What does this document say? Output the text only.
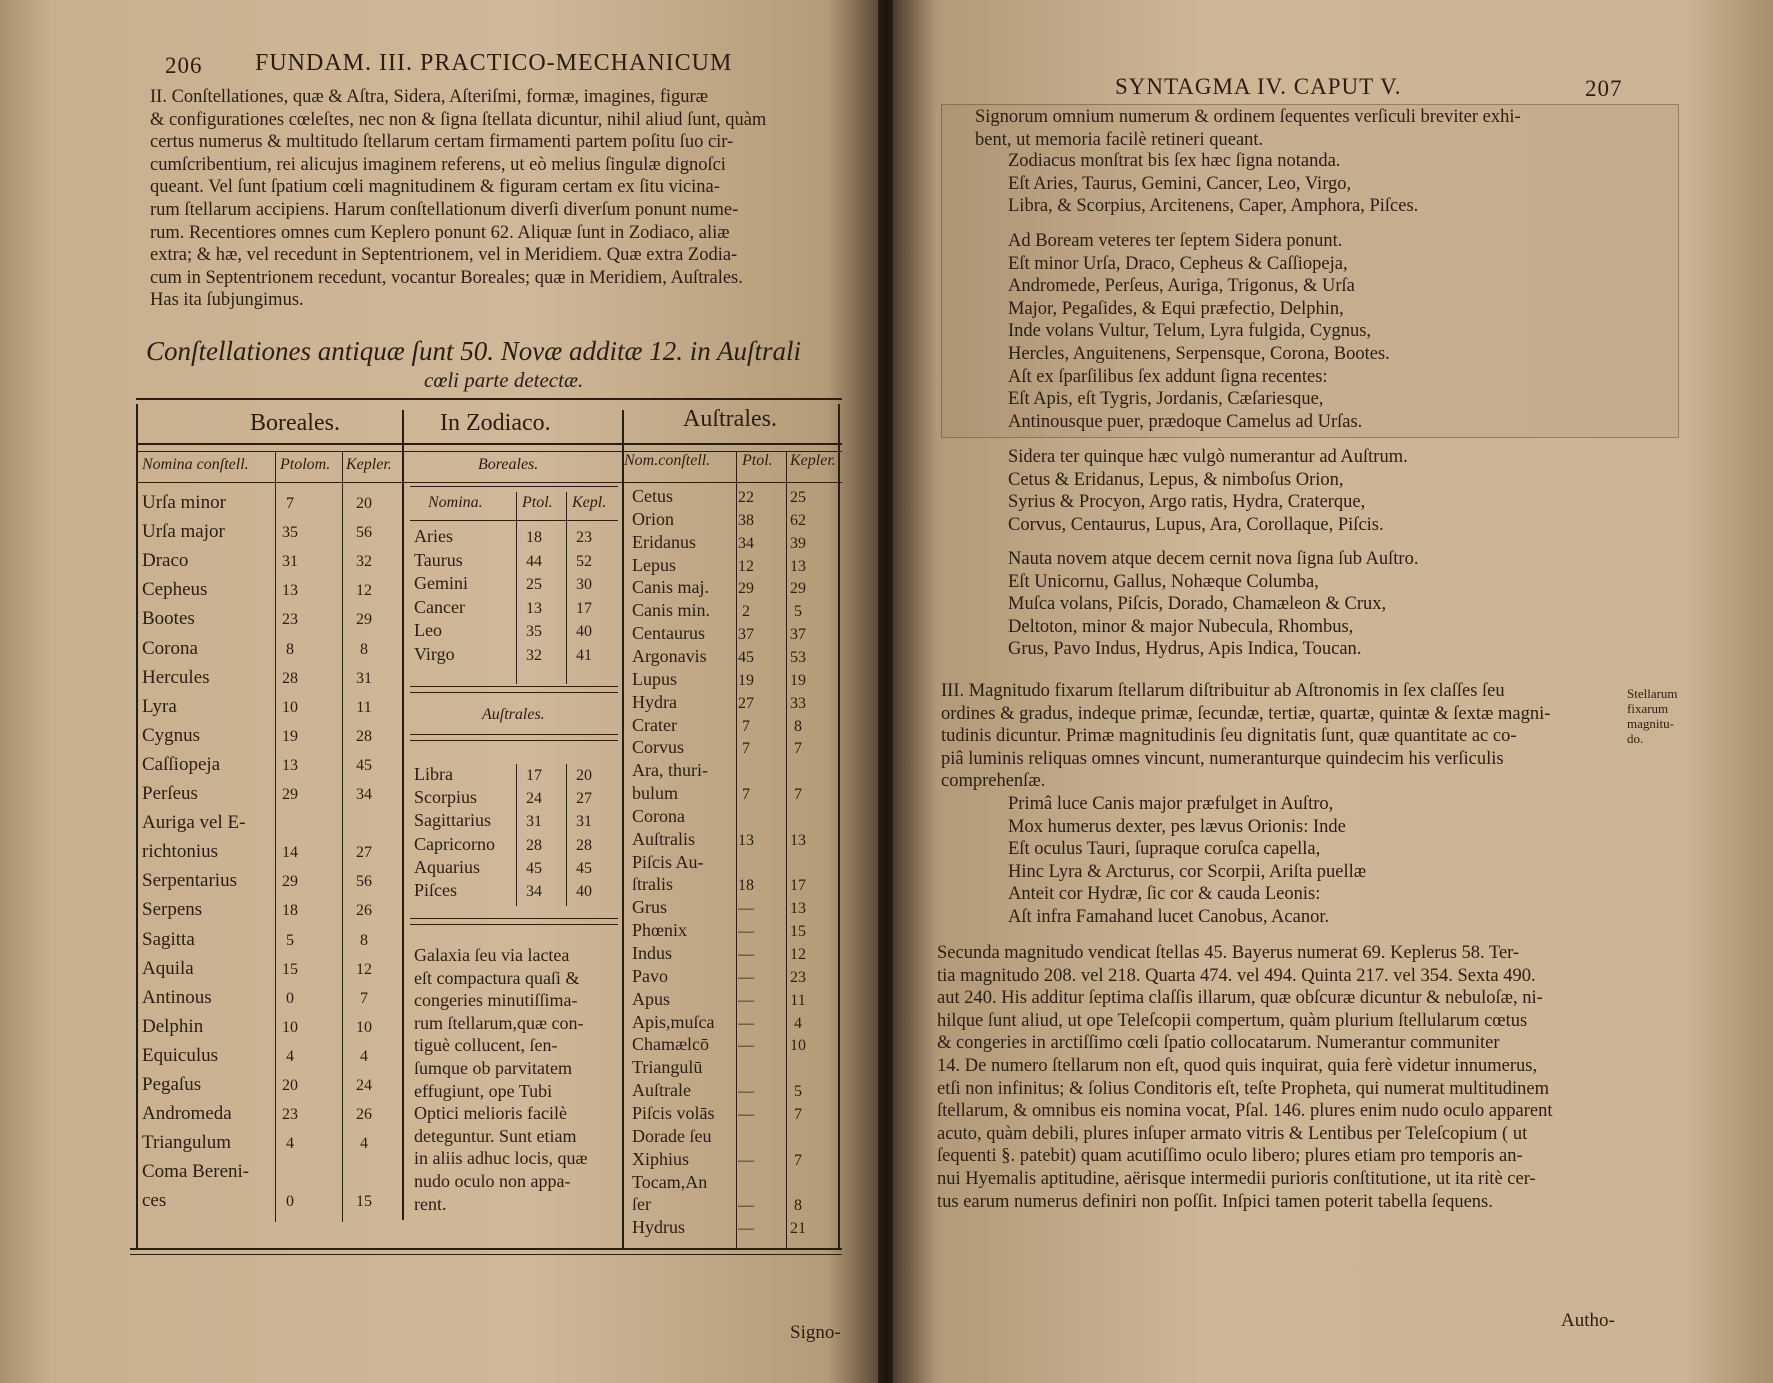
206 FUNDAM. III. PRACTICO-MECHANICUM
II. Conſtellationes, quæ & Aſtra, Sidera, Aſteriſmi, formæ, imagines, figuræ
& configurationes cœleſtes, nec non & ſigna ſtellata dicuntur, nihil aliud ſunt, quàm
certus numerus & multitudo ſtellarum certam firmamenti partem poſitu ſuo cir-
cumſcribentium, rei alicujus imaginem referens, ut eò melius ſingulæ dignoſci
queant. Vel ſunt ſpatium cœli magnitudinem & figuram certam ex ſitu vicina-
rum ſtellarum accipiens. Harum conſtellationum diverſi diverſum ponunt nume-
rum. Recentiores omnes cum Keplero ponunt 62. Aliquæ ſunt in Zodiaco, aliæ
extra; & hæ, vel recedunt in Septentrionem, vel in Meridiem. Quæ extra Zodia-
cum in Septentrionem recedunt, vocantur Boreales; quæ in Meridiem, Auſtrales.
Has ita ſubjungimus.
Conſtellationes antiquæ ſunt 50. Novæ additæ 12. in Auſtrali
cœli parte detectæ.
Boreales.	In Zodiaco.	Auſtrales.
Nomina conſtell. Ptolom. Kepler.
Urſa minor	7	20
Urſa major	35	56
Draco	31	32
Cepheus	13	12
Bootes	23	29
Corona	8	8
Hercules	28	31
Lyra	10	11
Cygnus	19	28
Caſſiopeja	13	45
Perſeus	29	34
Auriga vel E-
richtonius	14	27
Serpentarius	29	56
Serpens	18	26
Sagitta	5	8
Aquila	15	12
Antinous	0	7
Delphin	10	10
Equiculus	4	4
Pegaſus	20	24
Andromeda	23	26
Triangulum	4	4
Coma Bereni-
ces	0	15
Boreales.
Nomina. Ptol. Kepl.
Aries	18	23
Taurus	44	52
Gemini	25	30
Cancer	13	17
Leo	35	40
Virgo	32	41
Auſtrales.
Libra	17	20
Scorpius	24	27
Sagittarius	31	31
Capricorno	28	28
Aquarius	45	45
Piſces	34	40
Galaxia ſeu via lactea
eſt compactura quaſi &
congeries minutiſſima-
rum ſtellarum,quæ con-
tiguè collucent, ſen-
ſumque ob parvitatem
effugiunt, ope Tubi
Optici melioris facilè
deteguntur. Sunt etiam
in aliis adhuc locis, quæ
nudo oculo non appa-
rent.
Nom.conſtell. Ptol. Kepler.
Cetus	22	25
Orion	38	62
Eridanus	34	39
Lepus	12	13
Canis maj.	29	29
Canis min.	2	5
Centaurus	37	37
Argonavis	45	53
Lupus	19	19
Hydra	27	33
Crater	7	8
Corvus	7	7
Ara, thuri-
bulum	7	7
Corona
Auſtralis	13	13
Piſcis Au-
ſtralis	18	17
Grus	—	13
Phœnix	—	15
Indus	—	12
Pavo	—	23
Apus	—	11
Apis,muſca	—	4
Chamælcō	—	10
Triangulū
Auſtrale	—	5
Piſcis volās	—	7
Dorade ſeu
Xiphius	—	7
Tocam,An
ſer	—	8
Hydrus	—	21
Signo-
SYNTAGMA IV. CAPUT V.	207
Signorum omnium numerum & ordinem ſequentes verſiculi breviter exhi-
bent, ut memoria facilè retineri queant.
Zodiacus monſtrat bis ſex hæc ſigna notanda.
Eſt Aries, Taurus, Gemini, Cancer, Leo, Virgo,
Libra, & Scorpius, Arcitenens, Caper, Amphora, Piſces.
Ad Boream veteres ter ſeptem Sidera ponunt.
Eſt minor Urſa, Draco, Cepheus & Caſſiopeja,
Andromede, Perſeus, Auriga, Trigonus, & Urſa
Major, Pegaſides, & Equi præfectio, Delphin,
Inde volans Vultur, Telum, Lyra fulgida, Cygnus,
Hercles, Anguitenens, Serpensque, Corona, Bootes.
Aſt ex ſparſilibus ſex addunt ſigna recentes:
Eſt Apis, eſt Tygris, Jordanis, Cæſariesque,
Antinousque puer, prædoque Camelus ad Urſas.
Sidera ter quinque hæc vulgò numerantur ad Auſtrum.
Cetus & Eridanus, Lepus, & nimboſus Orion,
Syrius & Procyon, Argo ratis, Hydra, Craterque,
Corvus, Centaurus, Lupus, Ara, Corollaque, Piſcis.
Nauta novem atque decem cernit nova ſigna ſub Auſtro.
Eſt Unicornu, Gallus, Nohæque Columba,
Muſca volans, Piſcis, Dorado, Chamæleon & Crux,
Deltoton, minor & major Nubecula, Rhombus,
Grus, Pavo Indus, Hydrus, Apis Indica, Toucan.
III. Magnitudo fixarum ſtellarum diſtribuitur ab Aſtronomis in ſex claſſes ſeu
ordines & gradus, indeque primæ, ſecundæ, tertiæ, quartæ, quintæ & ſextæ magni-
tudinis dicuntur. Primæ magnitudinis ſeu dignitatis ſunt, quæ quantitate ac co-
piâ luminis reliquas omnes vincunt, numeranturque quindecim his verſiculis
comprehenſæ.
Stellarum
fixarum
magnitu-
do.
Primâ luce Canis major præfulget in Auſtro,
Mox humerus dexter, pes lævus Orionis: Inde
Eſt oculus Tauri, ſupraque coruſca capella,
Hinc Lyra & Arcturus, cor Scorpii, Ariſta puellæ
Anteit cor Hydræ, ſic cor & cauda Leonis:
Aſt infra Famahand lucet Canobus, Acanor.
Secunda magnitudo vendicat ſtellas 45. Bayerus numerat 69. Keplerus 58. Ter-
tia magnitudo 208. vel 218. Quarta 474. vel 494. Quinta 217. vel 354. Sexta 490.
aut 240. His additur ſeptima claſſis illarum, quæ obſcuræ dicuntur & nebuloſæ, ni-
hilque ſunt aliud, ut ope Teleſcopii compertum, quàm plurium ſtellularum cœtus
& congeries in arctiſſimo cœli ſpatio collocatarum. Numerantur communiter
14. De numero ſtellarum non eſt, quod quis inquirat, quia ferè videtur innumerus,
etſi non infinitus; & ſolius Conditoris eſt, teſte Propheta, qui numerat multitudinem
ſtellarum, & omnibus eis nomina vocat, Pſal. 146. plures enim nudo oculo apparent
acuto, quàm debili, plures inſuper armato vitris & Lentibus per Teleſcopium ( ut
ſequenti §. patebit) quam acutiſſimo oculo libero; plures etiam pro temporis an-
nui Hyemalis aptitudine, aërisque intermedii purioris conſtitutione, ut ita ritè cer-
tus earum numerus definiri non poſſit. Inſpici tamen poterit tabella ſequens.
Autho-
